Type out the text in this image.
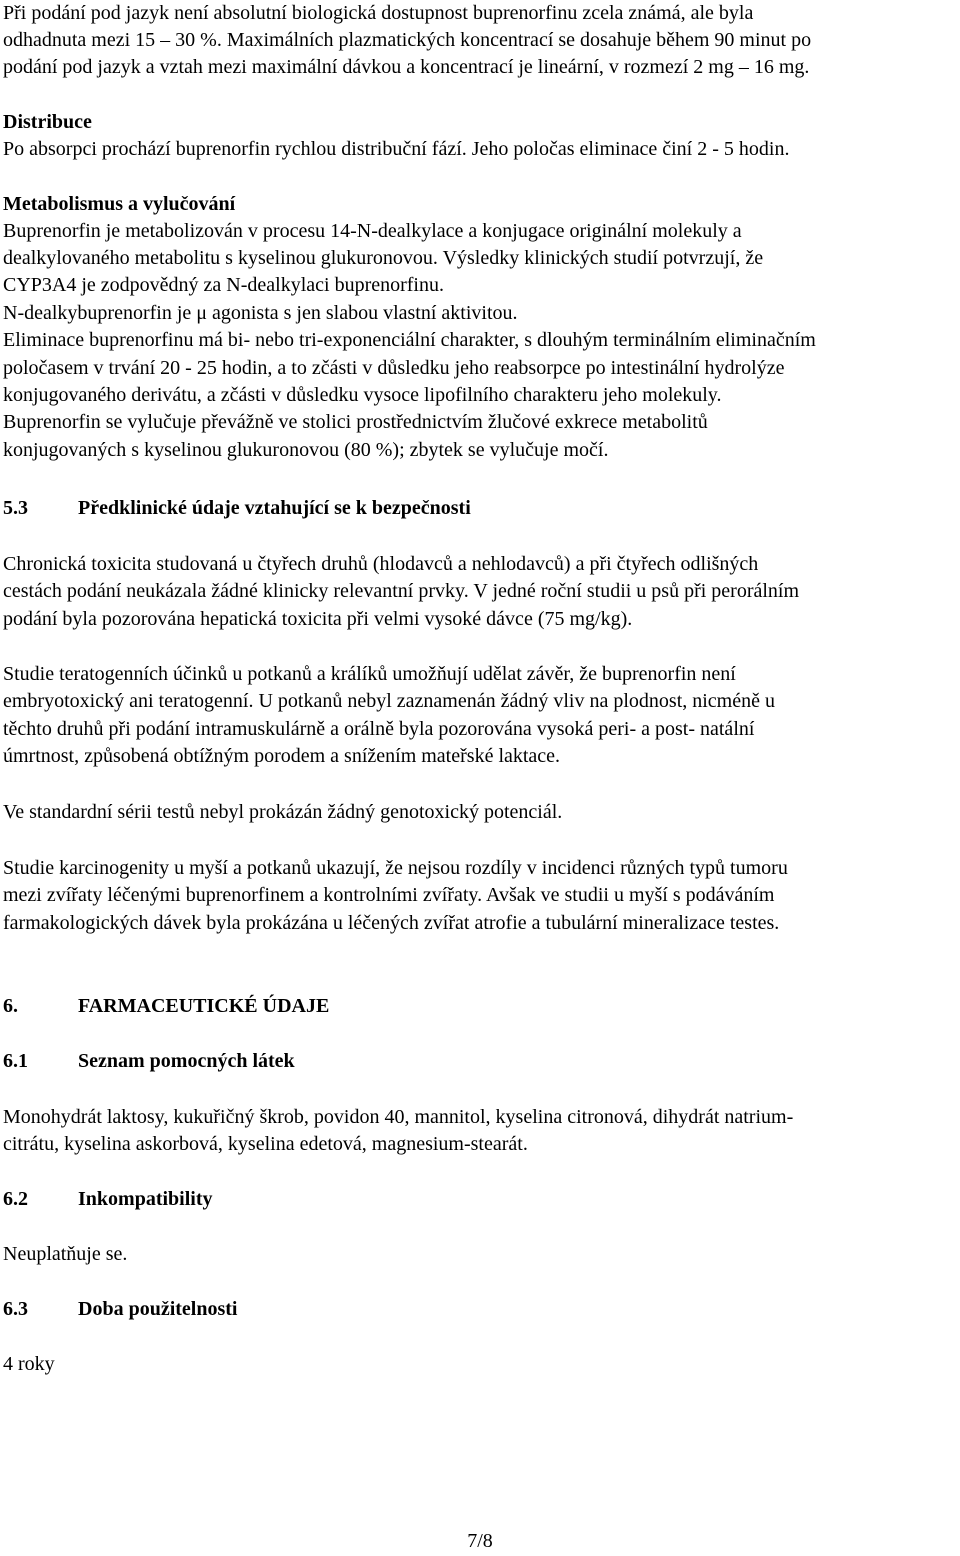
Při podání pod jazyk není absolutní biologická dostupnost buprenorfinu zcela známá, ale byla
odhadnuta mezi 15 – 30 %. Maximálních plazmatických koncentrací se dosahuje během 90 minut po
podání pod jazyk a vztah mezi maximální dávkou a koncentrací je lineární, v rozmezí 2 mg – 16 mg.
Distribuce
Po absorpci prochází buprenorfin rychlou distribuční fází. Jeho poločas eliminace činí 2 - 5 hodin.
Metabolismus a vylučování
Buprenorfin je metabolizován v procesu 14-N-dealkylace a konjugace originální molekuly a
dealkylovaného metabolitu s kyselinou glukuronovou. Výsledky klinických studií potvrzují, že
CYP3A4 je zodpovědný za N-dealkylaci buprenorfinu.
N-dealkybuprenorfin je μ agonista s jen slabou vlastní aktivitou.
Eliminace buprenorfinu má bi- nebo tri-exponenciální charakter, s dlouhým terminálním eliminačním
poločasem v trvání 20 - 25 hodin, a to zčásti v důsledku jeho reabsorpce po intestinální hydrolýze
konjugovaného derivátu, a zčásti v důsledku vysoce lipofilního charakteru jeho molekuly.
Buprenorfin se vylučuje převážně ve stolici prostřednictvím žlučové exkrece metabolitů
konjugovaných s kyselinou glukuronovou (80 %); zbytek se vylučuje močí.
5.3	Předklinické údaje vztahující se k bezpečnosti
Chronická toxicita studovaná u čtyřech druhů (hlodavců a nehlodavců) a při čtyřech odlišných
cestách podání neukázala žádné klinicky relevantní prvky. V jedné roční studii u psů při perorálním
podání byla pozorována hepatická toxicita při velmi vysoké dávce (75 mg/kg).
Studie teratogenních účinků u potkanů a králíků umožňují udělat závěr, že buprenorfin není
embryotoxický ani teratogenní. U potkanů nebyl zaznamenán žádný vliv na plodnost, nicméně u
těchto druhů při podání intramuskulárně a orálně byla pozorována vysoká peri- a post- natální
úmrtnost, způsobená obtížným porodem a snížením mateřské laktace.
Ve standardní sérii testů nebyl prokázán žádný genotoxický potenciál.
Studie karcinogenity u myší a potkanů ukazují, že nejsou rozdíly v incidenci různých typů tumoru
mezi zvířaty léčenými buprenorfinem a kontrolními zvířaty. Avšak ve studii u myší s podáváním
farmakologických dávek byla prokázána u léčených zvířat atrofie a tubulární mineralizace testes.
6.	FARMACEUTICKÉ ÚDAJE
6.1	Seznam pomocných látek
Monohydrát laktosy, kukuřičný škrob, povidon 40, mannitol, kyselina citronová, dihydrát natrium-
citrátu, kyselina askorbová, kyselina edetová, magnesium-stearát.
6.2	Inkompatibility
Neuplatňuje se.
6.3	Doba použitelnosti
4 roky
7/8
